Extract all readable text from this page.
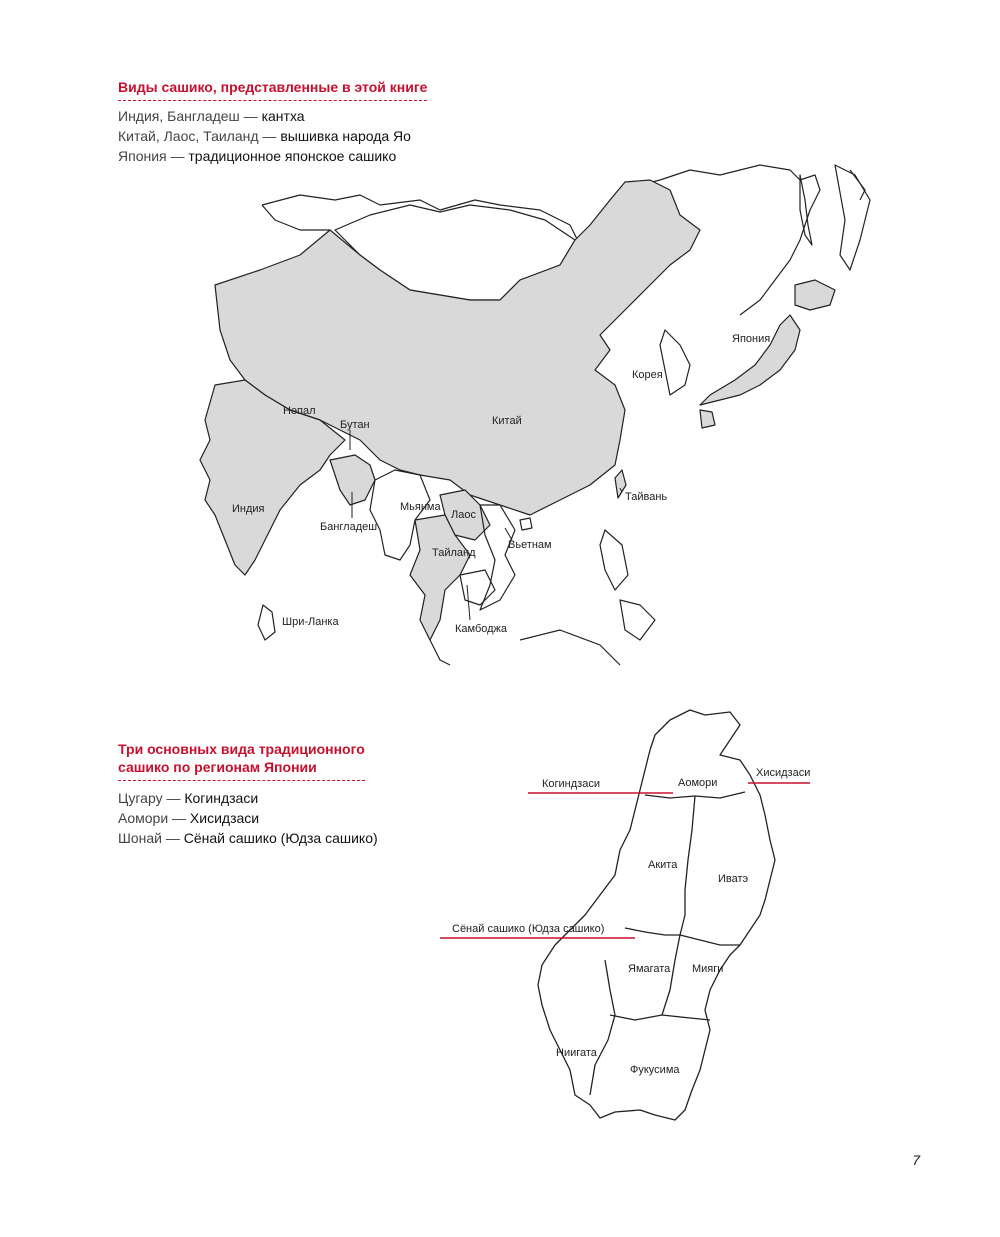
Виды сашико, представленные в этой книге
Индия, Бангладеш — кантха
Китай, Лаос, Таиланд — вышивка народа Яо
Япония — традиционное японское сашико
Япония
Корея
Непал
Бутан	Китай
Индия	Мьянма
Лаос
Бангладеш
Тайланд
Вьетнам
Тайвань
Шри-Ланка
Камбоджа
Три основных вида традиционного
сашико по регионам Японии
Цугару — Когиндзаси
Аомори — Хисидзаси
Шонай — Сёнай сашико (Юдза сашико)
Когиндзаси
Хисидзаси
Сёнай сашико (Юдза сашико)
Аомори
Акита
Иватэ
Ямагата Мияги
Ниигата
Фукусима
7
